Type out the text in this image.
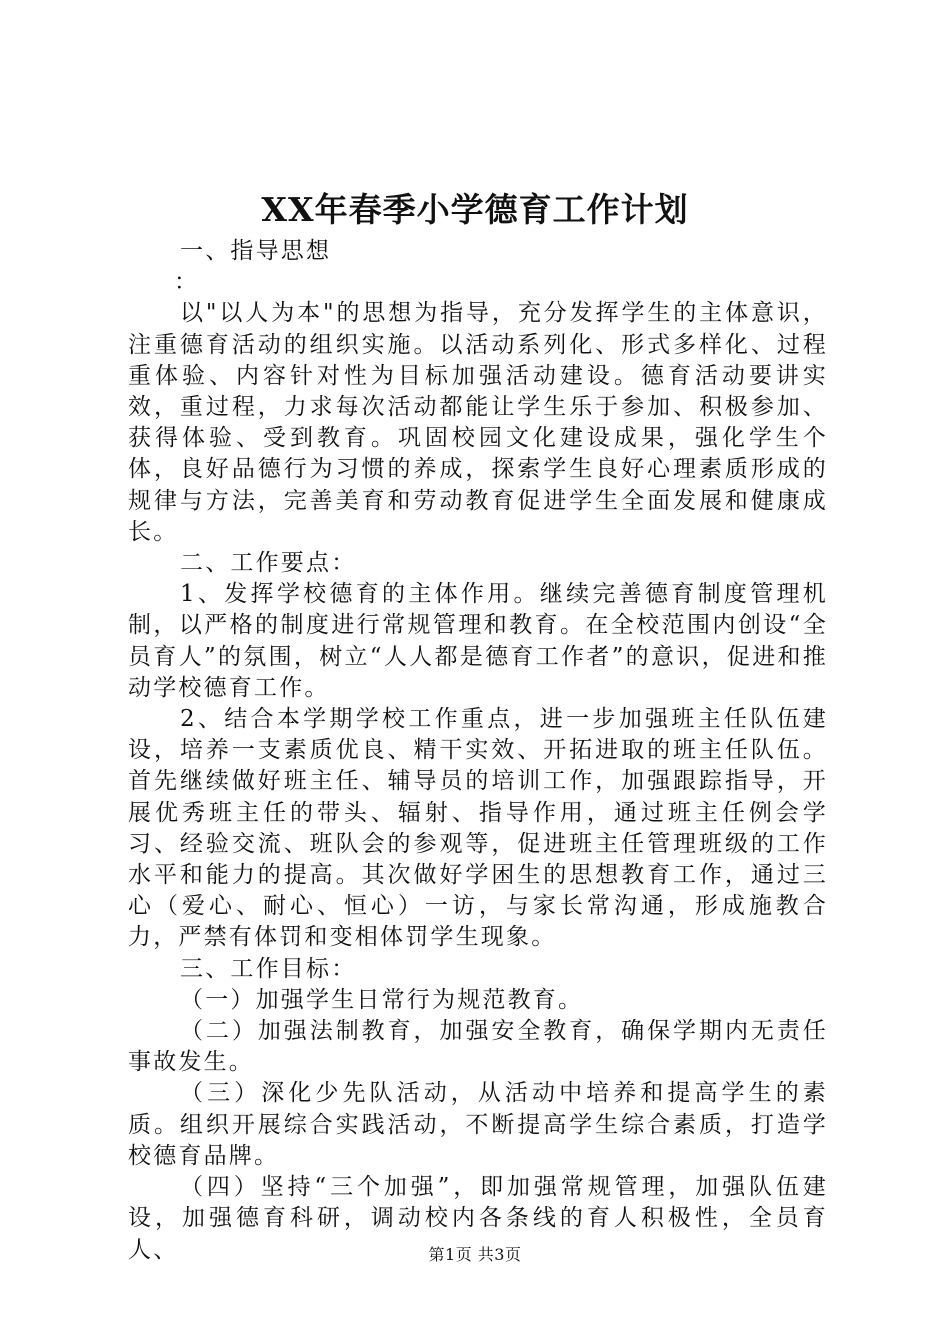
XX年春季小学德育工作计划

一、指导思想

：

以"以人为本"的思想为指导，充分发挥学生的主体意识，注重德育活动的组织实施。以活动系列化、形式多样化、过程重体验、内容针对性为目标加强活动建设。德育活动要讲实效，重过程，力求每次活动都能让学生乐于参加、积极参加、获得体验、受到教育。巩固校园文化建设成果，强化学生个体，良好品德行为习惯的养成，探索学生良好心理素质形成的规律与方法，完善美育和劳动教育促进学生全面发展和健康成长。

二、工作要点：

1、发挥学校德育的主体作用。继续完善德育制度管理机制，以严格的制度进行常规管理和教育。在全校范围内创设“全员育人”的氛围，树立“人人都是德育工作者”的意识，促进和推动学校德育工作。

2、结合本学期学校工作重点，进一步加强班主任队伍建设，培养一支素质优良、精干实效、开拓进取的班主任队伍。首先继续做好班主任、辅导员的培训工作，加强跟踪指导，开展优秀班主任的带头、辐射、指导作用，通过班主任例会学习、经验交流、班队会的参观等，促进班主任管理班级的工作水平和能力的提高。其次做好学困生的思想教育工作，通过三心（爱心、耐心、恒心）一访，与家长常沟通，形成施教合力，严禁有体罚和变相体罚学生现象。

三、工作目标：

（一）加强学生日常行为规范教育。

（二）加强法制教育，加强安全教育，确保学期内无责任事故发生。

（三）深化少先队活动，从活动中培养和提高学生的素质。组织开展综合实践活动，不断提高学生综合素质，打造学校德育品牌。

（四）坚持“三个加强”，即加强常规管理，加强队伍建设，加强德育科研，调动校内各条线的育人积极性，全员育人、	第1页 共3页
